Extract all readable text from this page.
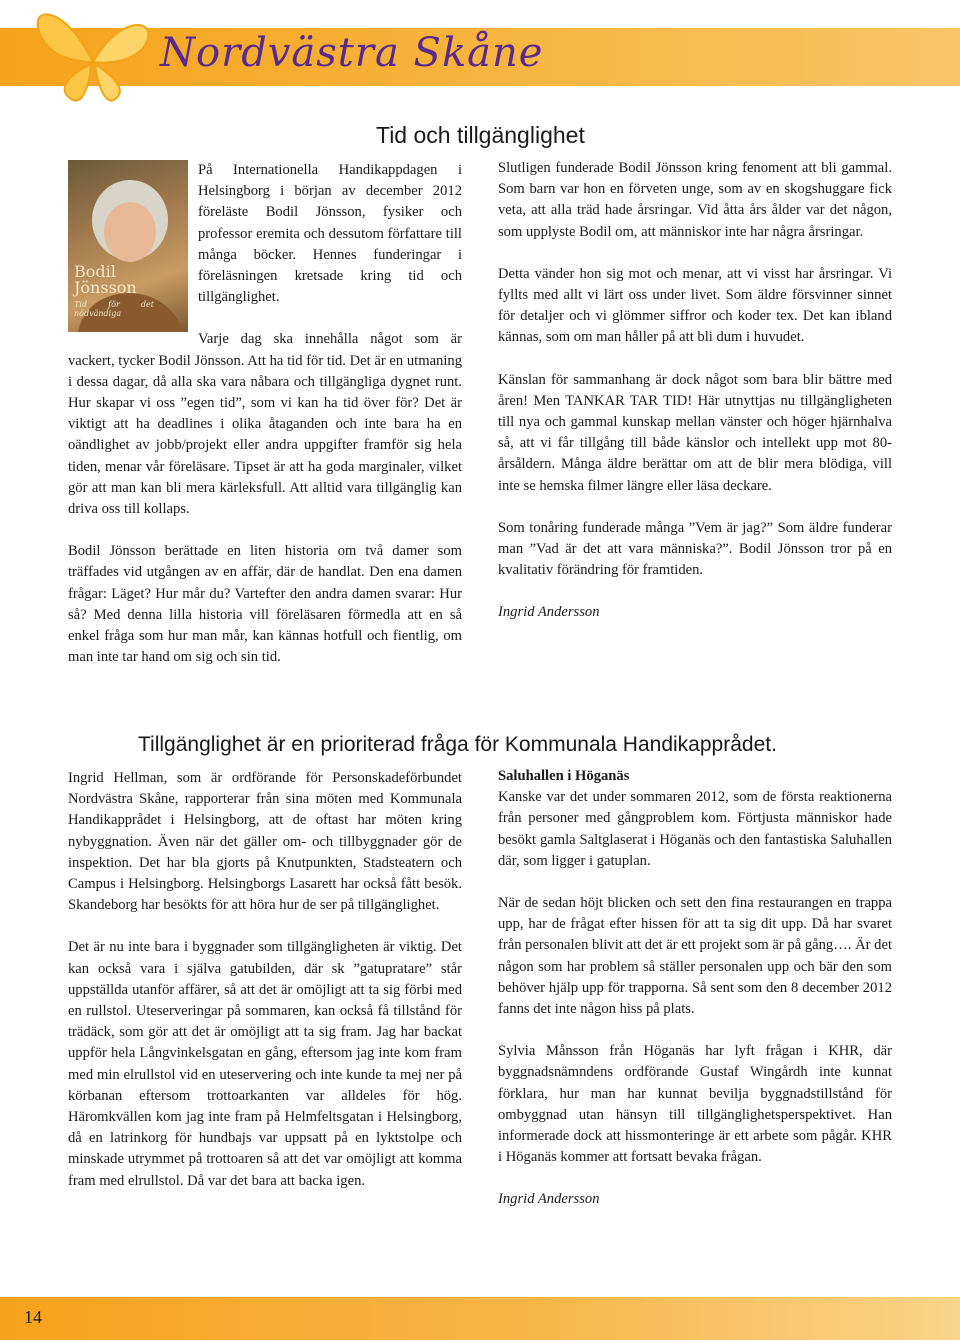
Nordvästra Skåne
Tid och tillgänglighet
Bodil
Jönsson
Tid för det nödvändiga

På Internationella Handikappdagen i Helsingborg i början av december 2012 föreläste Bodil Jönsson, fysiker och professor eremita och dessutom författare till många böcker. Hennes funderingar i föreläsningen kretsade kring tid och tillgänglighet.

Varje dag ska innehålla något som är vackert, tycker Bodil Jönsson. Att ha tid för tid. Det är en utmaning i dessa dagar, då alla ska vara nåbara och tillgängliga dygnet runt. Hur skapar vi oss ”egen tid”, som vi kan ha tid över för? Det är viktigt att ha deadlines i olika åtaganden och inte bara ha en oändlighet av jobb/projekt eller andra uppgifter framför sig hela tiden, menar vår föreläsare. Tipset är att ha goda marginaler, vilket gör att man kan bli mera kärleksfull. Att alltid vara tillgänglig kan driva oss till kollaps.

Bodil Jönsson berättade en liten historia om två damer som träffades vid utgången av en affär, där de handlat. Den ena damen frågar: Läget? Hur mår du? Vartefter den andra damen svarar: Hur så? Med denna lilla historia vill föreläsaren förmedla att en så enkel fråga som hur man mår, kan kännas hotfull och fientlig, om man inte tar hand om sig och sin tid.

Slutligen funderade Bodil Jönsson kring fenoment att bli gammal. Som barn var hon en förveten unge, som av en skogshuggare fick veta, att alla träd hade årsringar. Vid åtta års ålder var det någon, som upplyste Bodil om, att människor inte har några årsringar.

Detta vänder hon sig mot och menar, att vi visst har årsringar. Vi fyllts med allt vi lärt oss under livet. Som äldre försvinner sinnet för detaljer och vi glömmer siffror och koder tex. Det kan ibland kännas, som om man håller på att bli dum i huvudet.

Känslan för sammanhang är dock något som bara blir bättre med åren! Men TANKAR TAR TID! Här utnyttjas nu tillgängligheten till nya och gammal kunskap mellan vänster och höger hjärnhalva så, att vi får tillgång till både känslor och intellekt upp mot 80-årsåldern. Många äldre berättar om att de blir mera blödiga, vill inte se hemska filmer längre eller läsa deckare.

Som tonåring funderade många ”Vem är jag?” Som äldre funderar man ”Vad är det att vara människa?”. Bodil Jönsson tror på en kvalitativ förändring för framtiden.

Ingrid Andersson

Tillgänglighet är en prioriterad fråga för Kommunala Handikapprådet.

Ingrid Hellman, som är ordförande för Personskadeförbundet Nordvästra Skåne, rapporterar från sina möten med Kommunala Handikapprådet i Helsingborg, att de oftast har möten kring nybyggnation. Även när det gäller om- och tillbyggnader gör de inspektion. Det har bla gjorts på Knutpunkten, Stadsteatern och Campus i Helsingborg. Helsingborgs Lasarett har också fått besök. Skandeborg har besökts för att höra hur de ser på tillgänglighet.

Det är nu inte bara i byggnader som tillgängligheten är viktig. Det kan också vara i själva gatubilden, där sk ”gatupratare” står uppställda utanför affärer, så att det är omöjligt att ta sig förbi med en rullstol. Uteserveringar på sommaren, kan också få tillstånd för trädäck, som gör att det är omöjligt att ta sig fram. Jag har backat uppför hela Långvinkelsgatan en gång, eftersom jag inte kom fram med min elrullstol vid en uteservering och inte kunde ta mej ner på körbanan eftersom trottoarkanten var alldeles för hög. Häromkvällen kom jag inte fram på Helmfeltsgatan i Helsingborg, då en latrinkorg för hundbajs var uppsatt på en lyktstolpe och minskade utrymmet på trottoaren så att det var omöjligt att komma fram med elrullstol. Då var det bara att backa igen.

Saluhallen i Höganäs
Kanske var det under sommaren 2012, som de första reaktionerna från personer med gångproblem kom. Förtjusta människor hade besökt gamla Saltglaserat i Höganäs och den fantastiska Saluhallen där, som ligger i gatuplan.

När de sedan höjt blicken och sett den fina restaurangen en trappa upp, har de frågat efter hissen för att ta sig dit upp. Då har svaret från personalen blivit att det är ett projekt som är på gång…. Är det någon som har problem så ställer personalen upp och bär den som behöver hjälp upp för trapporna. Så sent som den 8 december 2012 fanns det inte någon hiss på plats.

Sylvia Månsson från Höganäs har lyft frågan i KHR, där byggnadsnämndens ordförande Gustaf Wingårdh inte kunnat förklara, hur man har kunnat bevilja byggnadstillstånd för ombyggnad utan hänsyn till tillgänglighetsperspektivet. Han informerade dock att hissmonteringe är ett arbete som pågår. KHR i Höganäs kommer att fortsatt bevaka frågan.

Ingrid Andersson

14
